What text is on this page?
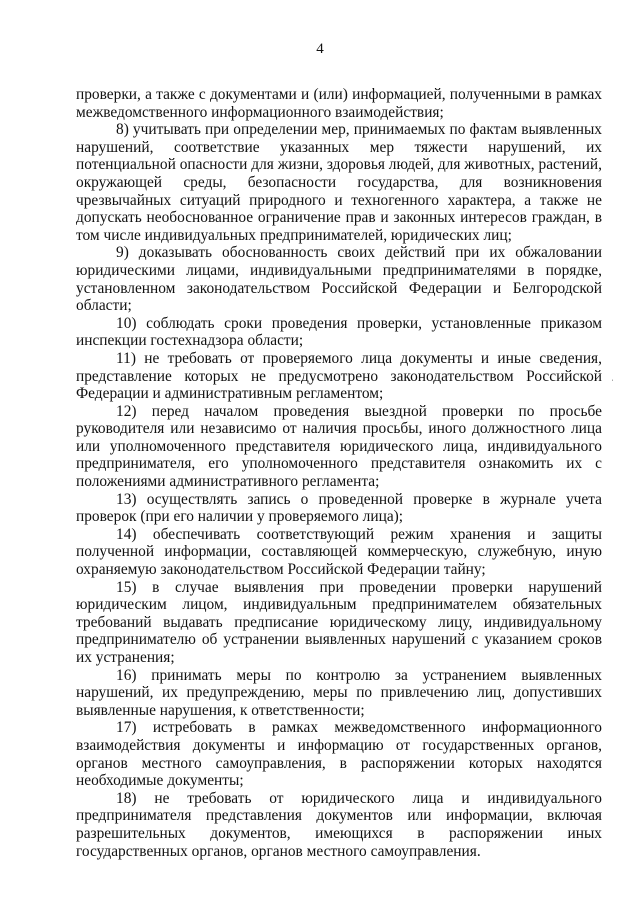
4

проверки, а также с документами и (или) информацией, полученными в рамках межведомственного информационного взаимодействия;

8) учитывать при определении мер, принимаемых по фактам выявленных нарушений, соответствие указанных мер тяжести нарушений, их потенциальной опасности для жизни, здоровья людей, для животных, растений, окружающей среды, безопасности государства, для возникновения чрезвычайных ситуаций природного и техногенного характера, а также не допускать необоснованное ограничение прав и законных интересов граждан, в том числе индивидуальных предпринимателей, юридических лиц;

9) доказывать обоснованность своих действий при их обжаловании юридическими лицами, индивидуальными предпринимателями в порядке, установленном законодательством Российской Федерации и Белгородской области;

10) соблюдать сроки проведения проверки, установленные приказом инспекции гостехнадзора области;

11) не требовать от проверяемого лица документы и иные сведения, представление которых не предусмотрено законодательством Российской Федерации и административным регламентом;

12) перед началом проведения выездной проверки по просьбе руководителя или независимо от наличия просьбы, иного должностного лица или уполномоченного представителя юридического лица, индивидуального предпринимателя, его уполномоченного представителя ознакомить их с положениями административного регламента;

13) осуществлять запись о проведенной проверке в журнале учета проверок (при его наличии у проверяемого лица);

14) обеспечивать соответствующий режим хранения и защиты полученной информации, составляющей коммерческую, служебную, иную охраняемую законодательством Российской Федерации тайну;

15) в случае выявления при проведении проверки нарушений юридическим лицом, индивидуальным предпринимателем обязательных требований выдавать предписание юридическому лицу, индивидуальному предпринимателю об устранении выявленных нарушений с указанием сроков их устранения;

16) принимать меры по контролю за устранением выявленных нарушений, их предупреждению, меры по привлечению лиц, допустивших выявленные нарушения, к ответственности;

17) истребовать в рамках межведомственного информационного взаимодействия документы и информацию от государственных органов, органов местного самоуправления, в распоряжении которых находятся необходимые документы;

18) не требовать от юридического лица и индивидуального предпринимателя представления документов или информации, включая разрешительных документов, имеющихся в распоряжении иных государственных органов, органов местного самоуправления.

ˈ
